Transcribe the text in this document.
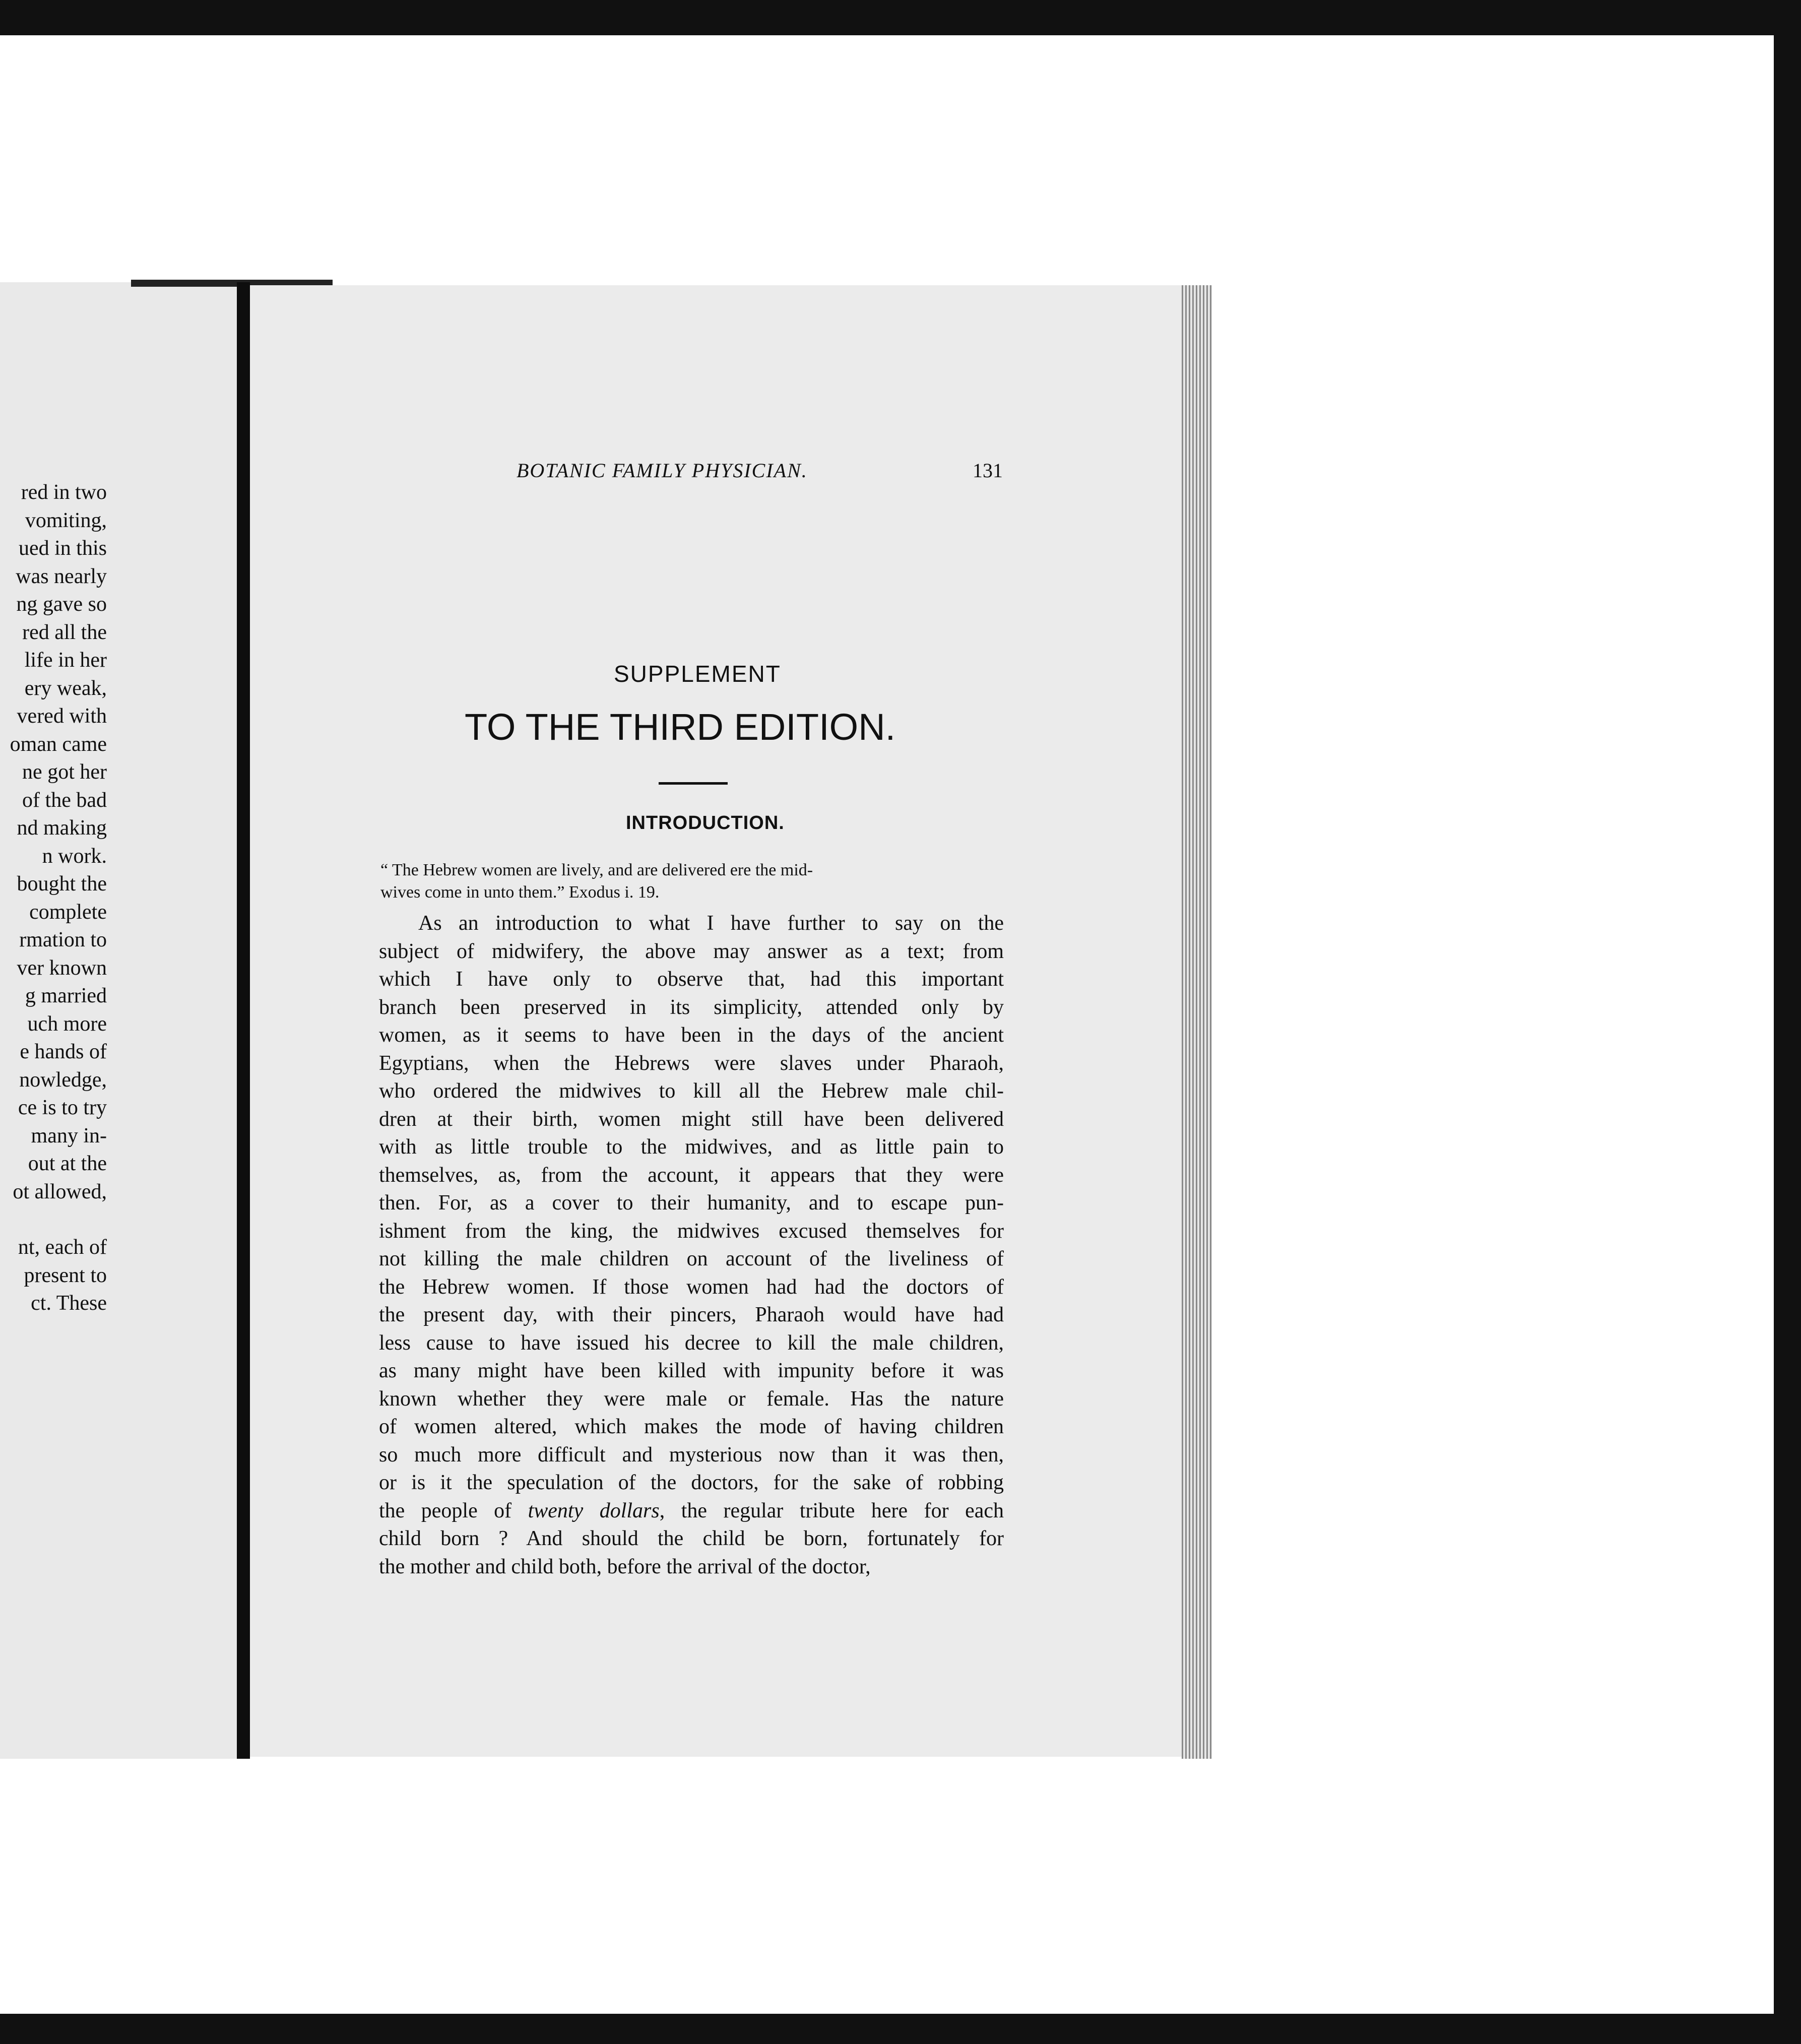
red in two
vomiting,
ued in this
was nearly
ng gave so
red all the
life in her
ery weak,
vered with
oman came
ne got her
of the bad
nd making
n work.
bought the
complete
rmation to
ver known
g married
uch more
e hands of
nowledge,
ce is to try
many in-
out at the
ot allowed,
nt, each of
present to
ct. These
BOTANIC FAMILY PHYSICIAN.	131
SUPPLEMENT
TO THE THIRD EDITION.
INTRODUCTION.
“ The Hebrew women are lively, and are delivered ere the mid-
wives come in unto them.” Exodus i. 19.
As an introduction to what I have further to say on the
subject of midwifery, the above may answer as a text; from
which I have only to observe that, had this important
branch been preserved in its simplicity, attended only by
women, as it seems to have been in the days of the ancient
Egyptians, when the Hebrews were slaves under Pharaoh,
who ordered the midwives to kill all the Hebrew male chil-
dren at their birth, women might still have been delivered
with as little trouble to the midwives, and as little pain to
themselves, as, from the account, it appears that they were
then. For, as a cover to their humanity, and to escape pun-
ishment from the king, the midwives excused themselves for
not killing the male children on account of the liveliness of
the Hebrew women. If those women had had the doctors of
the present day, with their pincers, Pharaoh would have had
less cause to have issued his decree to kill the male children,
as many might have been killed with impunity before it was
known whether they were male or female. Has the nature
of women altered, which makes the mode of having children
so much more difficult and mysterious now than it was then,
or is it the speculation of the doctors, for the sake of robbing
the people of twenty dollars, the regular tribute here for each
child born ? And should the child be born, fortunately for
the mother and child both, before the arrival of the doctor,
